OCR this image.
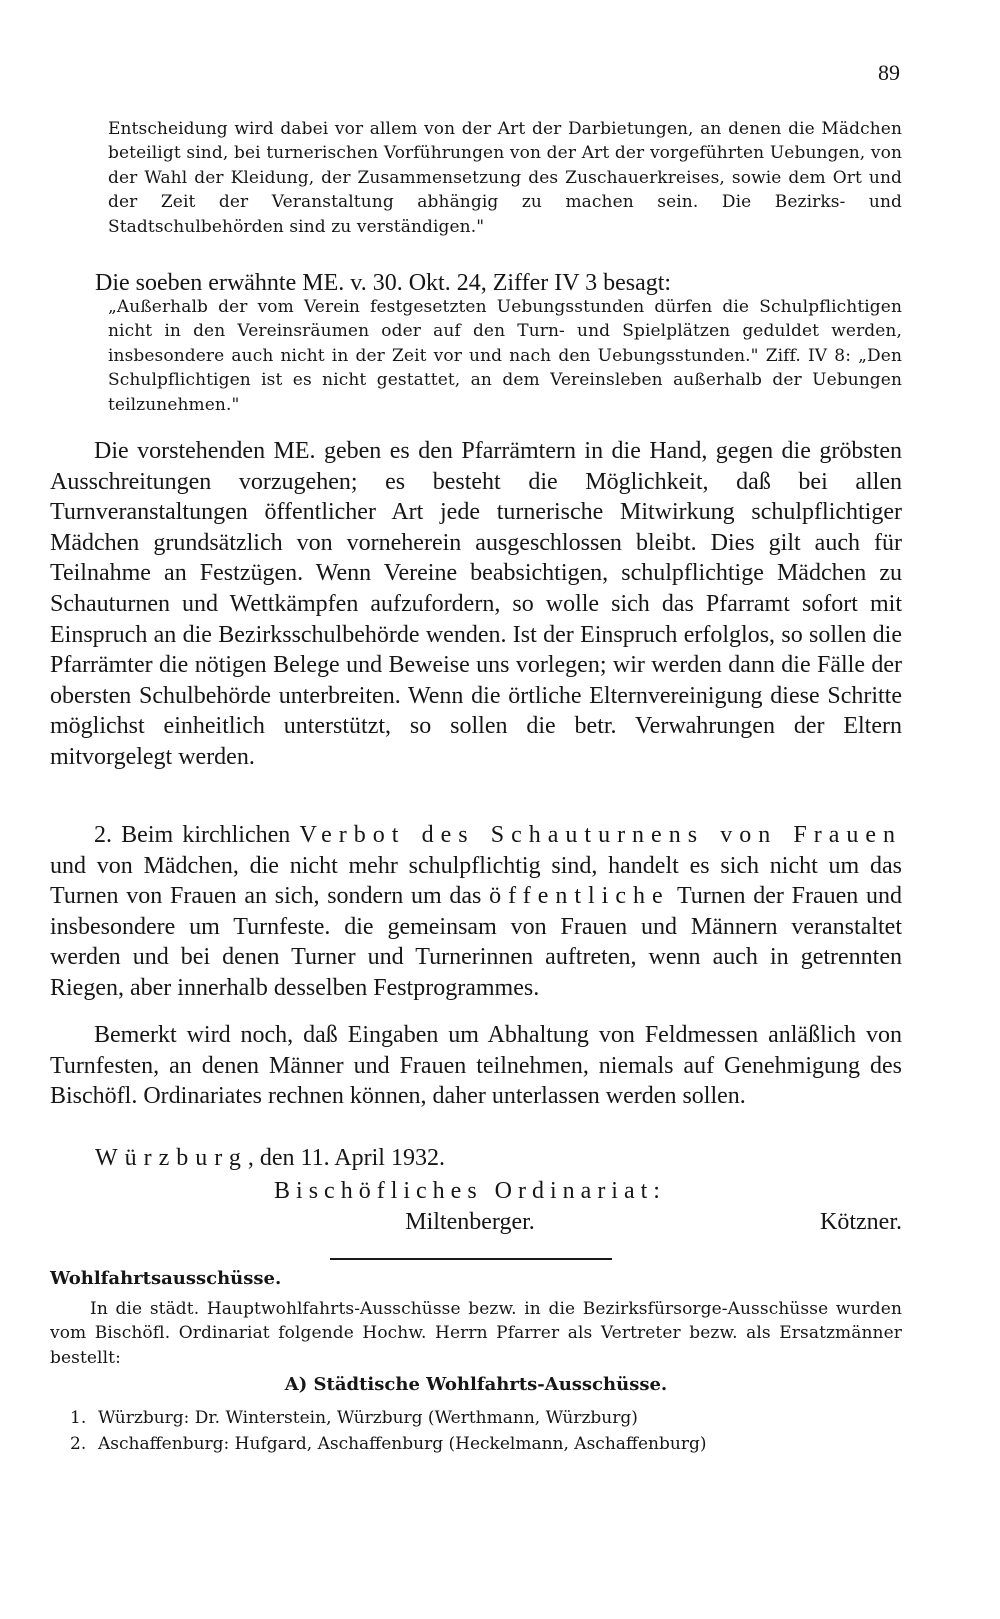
89

Entscheidung wird dabei vor allem von der Art der Darbietungen, an denen die Mädchen beteiligt sind, bei turnerischen Vorführungen von der Art der vorgeführten Uebungen, von der Wahl der Kleidung, der Zusammensetzung des Zuschauerkreises, sowie dem Ort und der Zeit der Veranstaltung abhängig zu machen sein. Die Bezirks- und Stadtschulbehörden sind zu verständigen."

Die soeben erwähnte ME. v. 30. Okt. 24, Ziffer IV 3 besagt:

„Außerhalb der vom Verein festgesetzten Uebungsstunden dürfen die Schulpflichtigen nicht in den Vereinsräumen oder auf den Turn- und Spielplätzen geduldet werden, insbesondere auch nicht in der Zeit vor und nach den Uebungsstunden." Ziff. IV 8: „Den Schulpflichtigen ist es nicht gestattet, an dem Vereinsleben außerhalb der Uebungen teilzunehmen."

Die vorstehenden ME. geben es den Pfarrämtern in die Hand, gegen die gröbsten Ausschreitungen vorzugehen; es besteht die Möglichkeit, daß bei allen Turnveranstaltungen öffentlicher Art jede turnerische Mitwirkung schulpflichtiger Mädchen grundsätzlich von vorneherein ausgeschlossen bleibt. Dies gilt auch für Teilnahme an Festzügen. Wenn Vereine beabsichtigen, schulpflichtige Mädchen zu Schauturnen und Wettkämpfen aufzufordern, so wolle sich das Pfarramt sofort mit Einspruch an die Bezirksschulbehörde wenden. Ist der Einspruch erfolglos, so sollen die Pfarrämter die nötigen Belege und Beweise uns vorlegen; wir werden dann die Fälle der obersten Schulbehörde unterbreiten. Wenn die örtliche Elternvereinigung diese Schritte möglichst einheitlich unterstützt, so sollen die betr. Verwahrungen der Eltern mitvorgelegt werden.

2. Beim kirchlichen Verbot des Schauturnens von Frauen und von Mädchen, die nicht mehr schulpflichtig sind, handelt es sich nicht um das Turnen von Frauen an sich, sondern um das öffentliche Turnen der Frauen und insbesondere um Turnfeste. die gemeinsam von Frauen und Männern veranstaltet werden und bei denen Turner und Turnerinnen auftreten, wenn auch in getrennten Riegen, aber innerhalb desselben Festprogrammes.

Bemerkt wird noch, daß Eingaben um Abhaltung von Feldmessen anläßlich von Turnfesten, an denen Männer und Frauen teilnehmen, niemals auf Genehmigung des Bischöfl. Ordinariates rechnen können, daher unterlassen werden sollen.

Würzburg, den 11. April 1932.
Bischöfliches Ordinariat:
Miltenberger.	Kötzner.
Wohlfahrtsausschüsse.

In die städt. Hauptwohlfahrts-Ausschüsse bezw. in die Bezirksfürsorge-Ausschüsse wurden vom Bischöfl. Ordinariat folgende Hochw. Herrn Pfarrer als Vertreter bezw. als Ersatzmänner bestellt:

A) Städtische Wohlfahrts-Ausschüsse.
1. Würzburg: Dr. Winterstein, Würzburg (Werthmann, Würzburg)
2. Aschaffenburg: Hufgard, Aschaffenburg (Heckelmann, Aschaffenburg)
